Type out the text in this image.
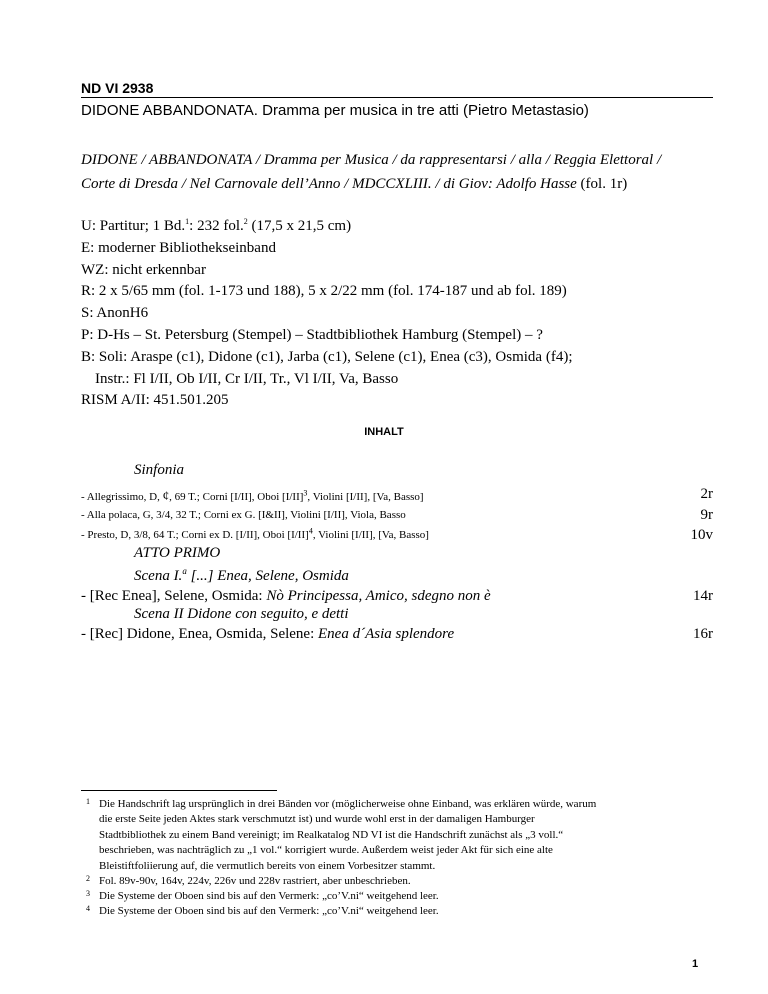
ND VI 2938
DIDONE ABBANDONATA. Dramma per musica in tre atti (Pietro Metastasio)
DIDONE / ABBANDONATA / Dramma per Musica / da rappresentarsi / alla / Reggia Elettoral /
Corte di Dresda / Nel Carnovale dell’Anno / MDCCXLIII. / di Giov: Adolfo Hasse (fol. 1r)
U: Partitur; 1 Bd.$^1$: 232 fol.$^2$ (17,5 x 21,5 cm)
E: moderner Bibliothekseinband
WZ: nicht erkennbar
R: 2 x 5/65 mm (fol. 1-173 und 188), 5 x 2/22 mm (fol. 174-187 und ab fol. 189)
S: AnonH6
P: D-Hs – St. Petersburg (Stempel) – Stadtbibliothek Hamburg (Stempel) – ?
B: Soli: Araspe (c1), Didone (c1), Jarba (c1), Selene (c1), Enea (c3), Osmida (f4);
Instr.: Fl I/II, Ob I/II, Cr I/II, Tr., Vl I/II, Va, Basso
RISM A/II: 451.501.205
INHALT
Sinfonia
- Allegrissimo, D, ¢, 69 T.; Corni [I/II], Oboi [I/II]$^3$, Violini [I/II], [Va, Basso]	2r
- Alla polaca, G, 3/4, 32 T.; Corni ex G. [I&II], Violini [I/II], Viola, Basso	9r
- Presto, D, 3/8, 64 T.; Corni ex D. [I/II], Oboi [I/II]$^4$, Violini [I/II], [Va, Basso]	10v
ATTO PRIMO
Scena I.$^a$ [...] Enea, Selene, Osmida
- [Rec Enea], Selene, Osmida: Nò Principessa, Amico, sdegno non è	14r
Scena II Didone con seguito, e detti
- [Rec] Didone, Enea, Osmida, Selene: Enea d´Asia splendore	16r
1 Die Handschrift lag ursprünglich in drei Bänden vor (möglicherweise ohne Einband, was erklären würde, warum
die erste Seite jeden Aktes stark verschmutzt ist) und wurde wohl erst in der damaligen Hamburger
Stadtbibliothek zu einem Band vereinigt; im Realkatalog ND VI ist die Handschrift zunächst als „3 voll.“
beschrieben, was nachträglich zu „1 vol.“ korrigiert wurde. Außerdem weist jeder Akt für sich eine alte
Bleistiftfoliierung auf, die vermutlich bereits von einem Vorbesitzer stammt.
2 Fol. 89v-90v, 164v, 224v, 226v und 228v rastriert, aber unbeschrieben.
3 Die Systeme der Oboen sind bis auf den Vermerk: „co’V.ni“ weitgehend leer.
4 Die Systeme der Oboen sind bis auf den Vermerk: „co’V.ni“ weitgehend leer.
1
